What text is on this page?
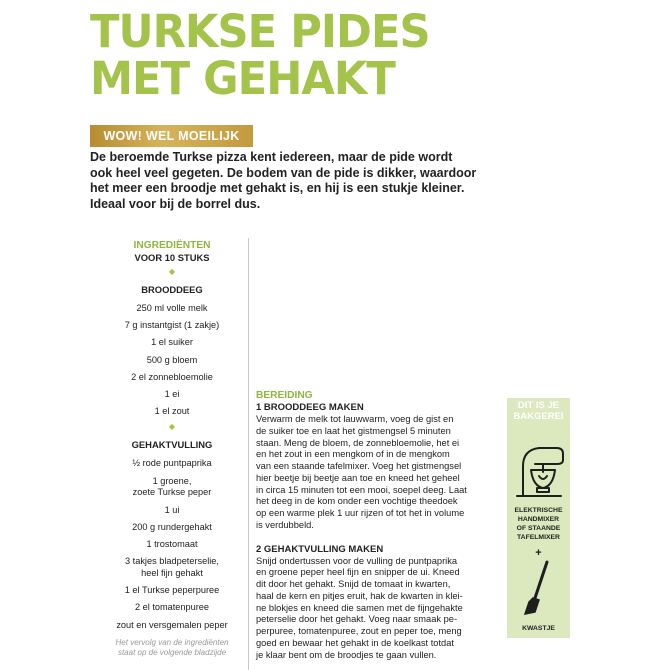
TURKSE PIDES
MET GEHAKT
WOW! WEL MOEILIJK
De beroemde Turkse pizza kent iedereen, maar de pide wordt
ook heel veel gegeten. De bodem van de pide is dikker, waardoor
het meer een broodje met gehakt is, en hij is een stukje kleiner.
Ideaal voor bij de borrel dus.
INGREDIËNTEN
VOOR 10 STUKS
◆
BROODDEEG
250 ml volle melk
7 g instantgist (1 zakje)
1 el suiker
500 g bloem
2 el zonnebloemolie
1 ei
1 el zout
◆
GEHAKTVULLING
½ rode puntpaprika
1 groene,
zoete Turkse peper
1 ui
200 g rundergehakt
1 trostomaat
3 takjes bladpeterselie,
heel fijn gehakt
1 el Turkse peperpuree
2 el tomatenpuree
zout en versgemalen peper
Het vervolg van de ingrediënten
staat op de volgende bladzijde
BEREIDING
1 BROODDEEG MAKEN
Verwarm de melk tot lauwwarm, voeg de gist en
de suiker toe en laat het gistmengsel 5 minuten
staan. Meng de bloem, de zonnebloemolie, het ei
en het zout in een mengkom of in de mengkom
van een staande tafelmixer. Voeg het gistmengsel
hier beetje bij beetje aan toe en kneed het geheel
in circa 15 minuten tot een mooi, soepel deeg. Laat
het deeg in de kom onder een vochtige theedoek
op een warme plek 1 uur rijzen of tot het in volume
is verdubbeld.
2 GEHAKTVULLING MAKEN
Snijd ondertussen voor de vulling de puntpaprika
en groene peper heel fijn en snipper de ui. Kneed
dit door het gehakt. Snijd de tomaat in kwarten,
haal de kern en pitjes eruit, hak de kwarten in klei-
ne blokjes en kneed die samen met de fijngehakte
peterselie door het gehakt. Voeg naar smaak pe-
perpuree, tomatenpuree, zout en peper toe, meng
goed en bewaar het gehakt in de koelkast totdat
je klaar bent om de broodjes te gaan vullen.
DIT IS JE
BAKGEREI
ELEKTRISCHE
HANDMIXER
OF STAANDE
TAFELMIXER
+
KWASTJE
